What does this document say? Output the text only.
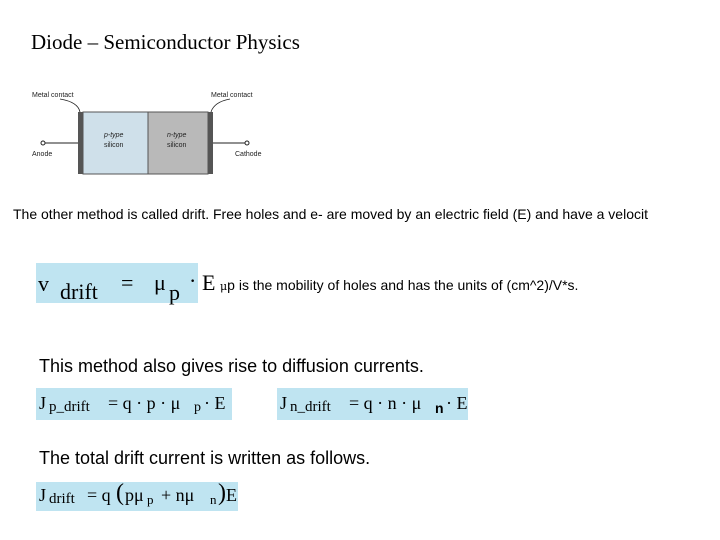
Diode – Semiconductor Physics
Metal contact	Metal contact
p-type
silicon
n-type
silicon
Anode	Cathode
The other method is called drift. Free holes and e- are moved by an electric field (E) and have a velocit
v drift = μ p · E μp is the mobility of holes and has the units of (cm^2)/V*s.
This method also gives rise to diffusion currents.
J p_drift = q · p · μ p · E	J n_drift = q · n · μ n · E
The total drift current is written as follows.
J drift = q ( pμ p + nμ n ) E
